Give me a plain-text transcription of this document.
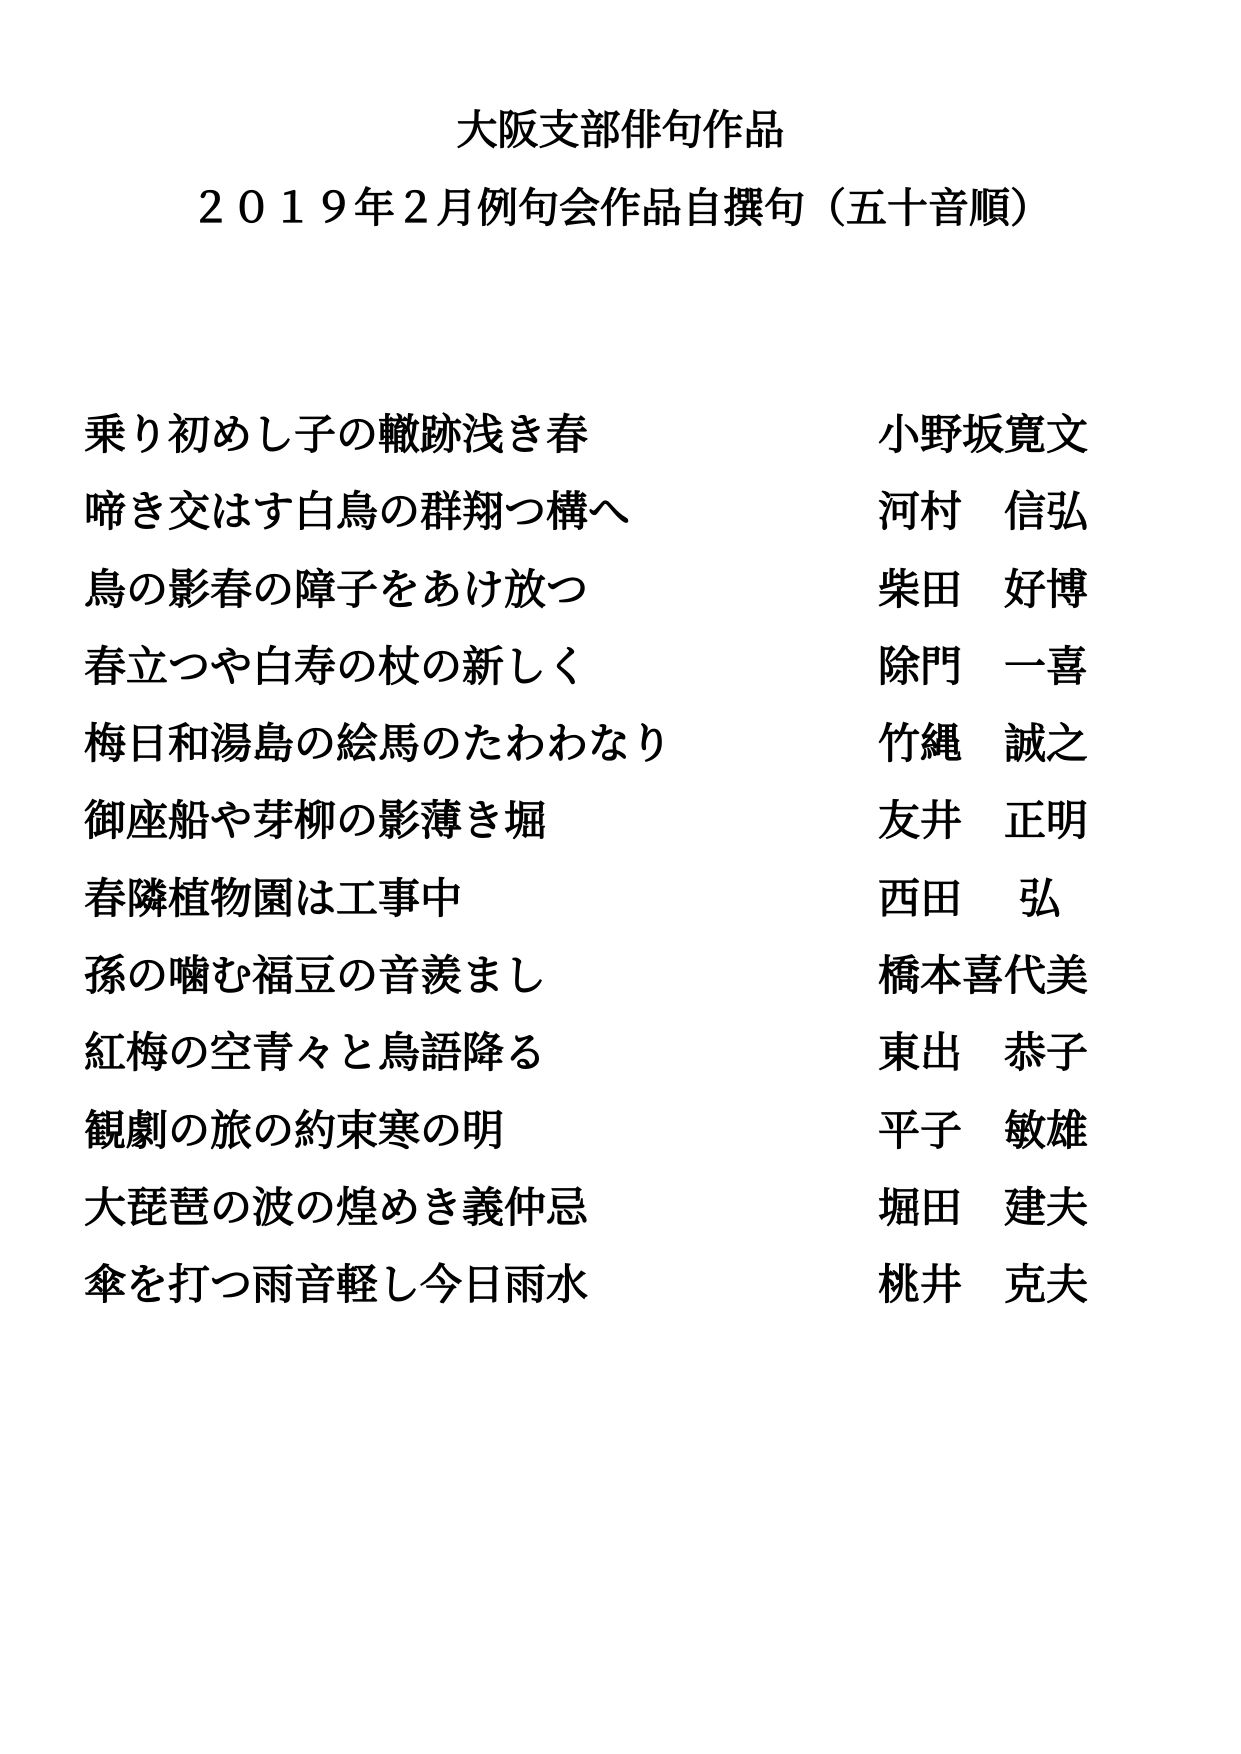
大阪支部俳句作品
２０１９年２月例句会作品自撰句（五十音順）
乗り初めし子の轍跡浅き春	小野坂寛文
啼き交はす白鳥の群翔つ構へ	河村　信弘
鳥の影春の障子をあけ放つ	柴田　好博
春立つや白寿の杖の新しく	除門　一喜
梅日和湯島の絵馬のたわわなり	竹縄　誠之
御座船や芽柳の影薄き堀	友井　正明
春隣植物園は工事中	西田　 弘
孫の噛む福豆の音羨まし	橋本喜代美
紅梅の空青々と鳥語降る	東出　恭子
観劇の旅の約束寒の明	平子　敏雄
大琵琶の波の煌めき義仲忌	堀田　建夫
傘を打つ雨音軽し今日雨水	桃井　克夫
